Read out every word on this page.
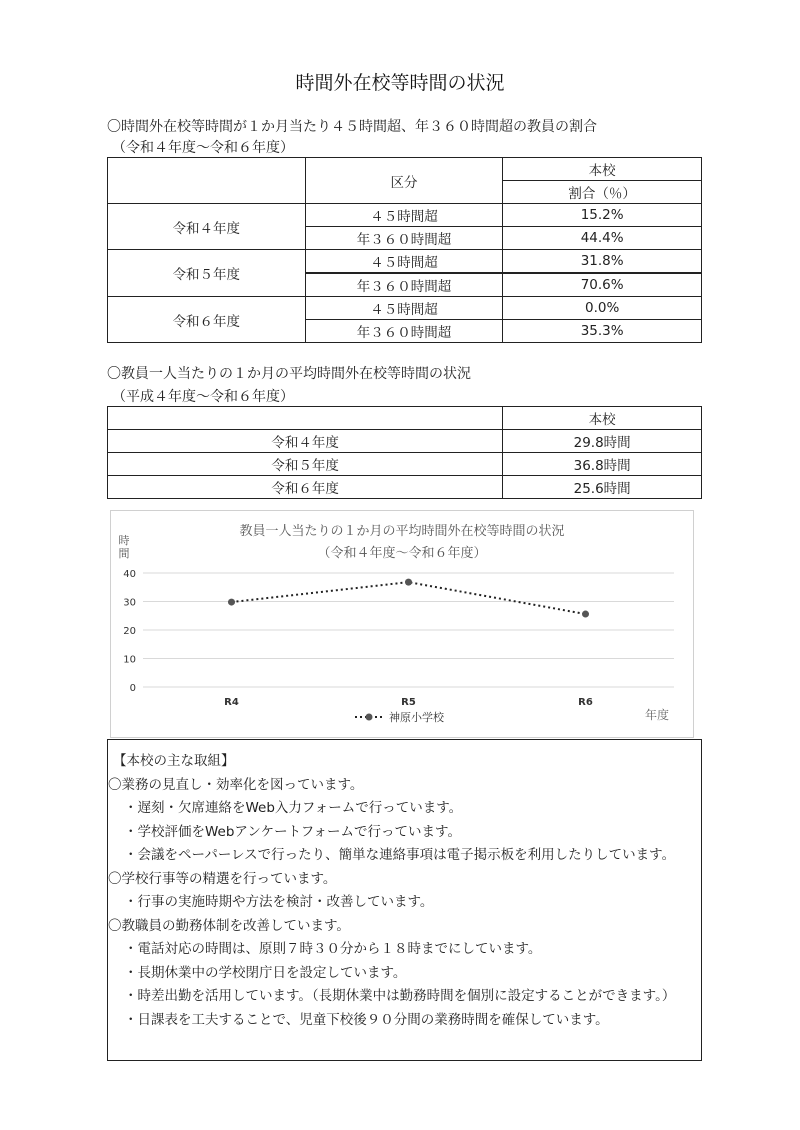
時間外在校等時間の状況
〇時間外在校等時間が１か月当たり４５時間超、年３６０時間超の教員の割合
（令和４年度～令和６年度）
	区分	本校
		割合（％）
令和４年度	４５時間超	15.2%
	年３６０時間超	44.4%
令和５年度	４５時間超	31.8%
	年３６０時間超	70.6%
令和６年度	４５時間超	0.0%
	年３６０時間超	35.3%
〇教員一人当たりの１か月の平均時間外在校等時間の状況
（平成４年度～令和６年度）
	本校
令和４年度	29.8時間
令和５年度	36.8時間
令和６年度	25.6時間
教員一人当たりの１か月の平均時間外在校等時間の状況
（令和４年度～令和６年度）
時間
0
10
20
30
40
R4	R5	R6
年度
神原小学校
【本校の主な取組】
〇業務の見直し・効率化を図っています。
・遅刻・欠席連絡をWeb入力フォームで行っています。
・学校評価をWebアンケートフォームで行っています。
・会議をペーパーレスで行ったり、簡単な連絡事項は電子掲示板を利用したりしています。
〇学校行事等の精選を行っています。
・行事の実施時期や方法を検討・改善しています。
〇教職員の勤務体制を改善しています。
・電話対応の時間は、原則７時３０分から１８時までにしています。
・長期休業中の学校閉庁日を設定しています。
・時差出勤を活用しています。（長期休業中は勤務時間を個別に設定することができます。）
・日課表を工夫することで、児童下校後９０分間の業務時間を確保しています。
